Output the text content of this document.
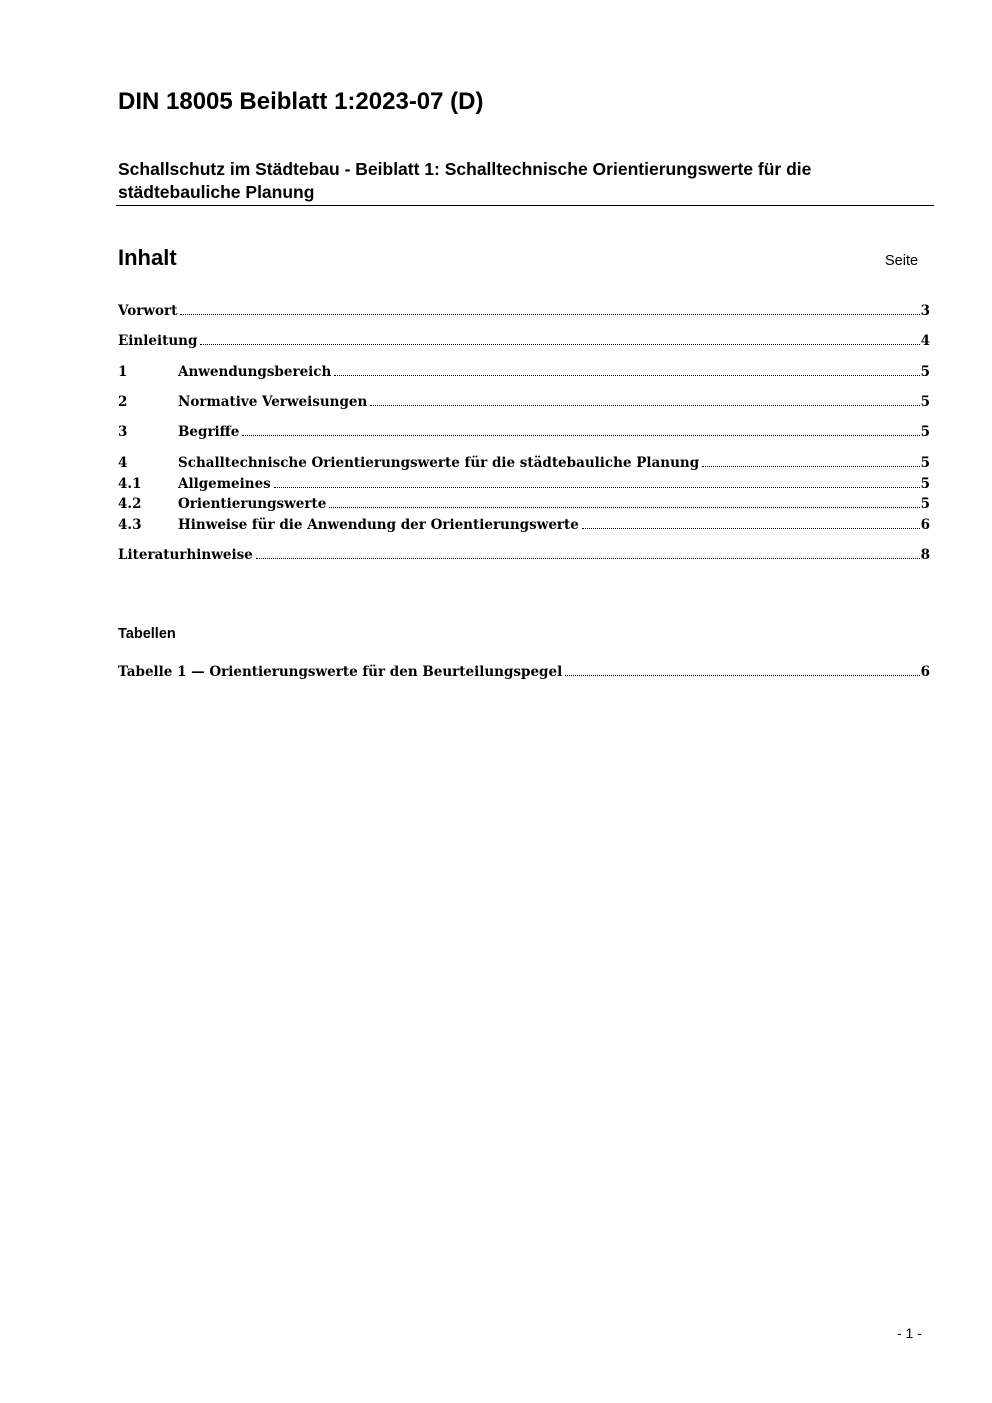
DIN 18005 Beiblatt 1:2023-07 (D)
Schallschutz im Städtebau - Beiblatt 1: Schalltechnische Orientierungswerte für die städtebauliche Planung
Inhalt	Seite
Vorwort	3
Einleitung	4
1	Anwendungsbereich	5
2	Normative Verweisungen	5
3	Begriffe	5
4	Schalltechnische Orientierungswerte für die städtebauliche Planung	5
4.1	Allgemeines	5
4.2	Orientierungswerte	5
4.3	Hinweise für die Anwendung der Orientierungswerte	6
Literaturhinweise	8
Tabellen
Tabelle 1 — Orientierungswerte für den Beurteilungspegel	6
- 1 -
